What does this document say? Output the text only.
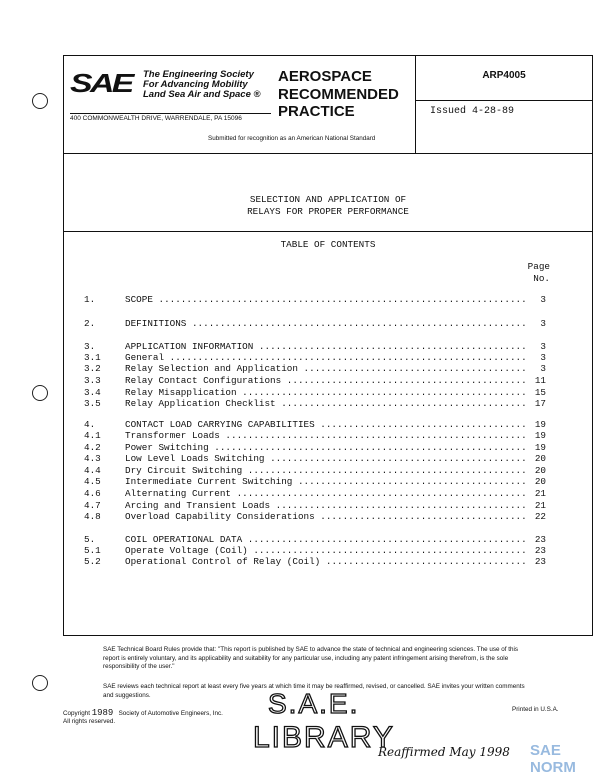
SAE The Engineering Society
For Advancing Mobility
Land Sea Air and Space ®
400 COMMONWEALTH DRIVE, WARRENDALE, PA 15096
AEROSPACE
RECOMMENDED
PRACTICE
Submitted for recognition as an American National Standard
ARP4005
Issued 4-28-89
SELECTION AND APPLICATION OF
RELAYS FOR PROPER PERFORMANCE
TABLE OF CONTENTS
Page
No.
1.	SCOPE .....	3
2.	DEFINITIONS .....	3
3.	APPLICATION INFORMATION .....	3
3.1	General .....	3
3.2	Relay Selection and Application .....	3
3.3	Relay Contact Configurations .....	11
3.4	Relay Misapplication .....	15
3.5	Relay Application Checklist .....	17
4.	CONTACT LOAD CARRYING CAPABILITIES .....	19
4.1	Transformer Loads .....	19
4.2	Power Switching .....	19
4.3	Low Level Loads Switching .....	20
4.4	Dry Circuit Switching .....	20
4.5	Intermediate Current Switching .....	20
4.6	Alternating Current .....	21
4.7	Arcing and Transient Loads .....	21
4.8	Overload Capability Considerations .....	22
5.	COIL OPERATIONAL DATA .....	23
5.1	Operate Voltage (Coil) .....	23
5.2	Operational Control of Relay (Coil) .....	23
SAE Technical Board Rules provide that: "This report is published by SAE to advance the state of technical and engineering sciences. The use of this report is entirely voluntary, and its applicability and suitability for any particular use, including any patent infringement arising therefrom, is the sole responsibility of the user."
SAE reviews each technical report at least every five years at which time it may be reaffirmed, revised, or cancelled. SAE invites your written comments and suggestions.
Copyright 1989 Society of Automotive Engineers, Inc.
All rights reserved.
Printed in U.S.A.
S.A.E.
LIBRARY
Reaffirmed May 1998 SAE NORM
